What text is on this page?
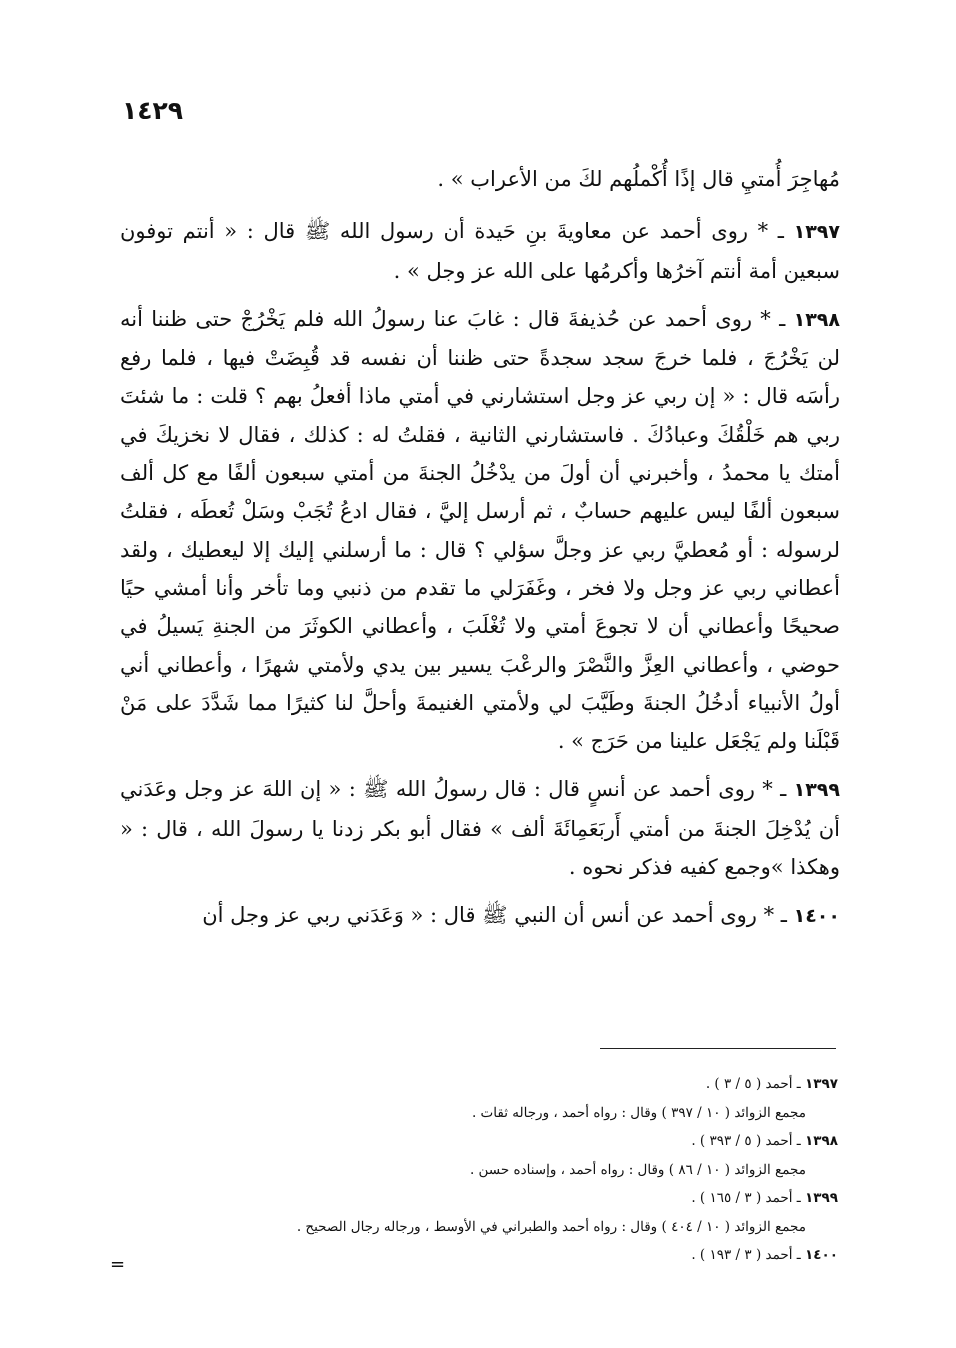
١٤٢٩

مُهاجِرَ أُمتيِ قال إذًا أُكْملُهم لكَ من الأعراب » .

١٣٩٧ ـ * روى أحمد عن معاويةَ بنِ حَيدة أن رسول الله ﷺ قال : « أنتم توفون سبعين أمة أنتم آخرُها وأكرمُها على الله عز وجل » .

١٣٩٨ ـ * روى أحمد عن حُذيفةَ قال : غابَ عنا رسولُ الله فلم يَخْرُجْ حتى ظننا أنه لن يَخْرُجَ ، فلما خرجَ سجد سجدةً حتى ظننا أن نفسه قد قُبِضَتْ فيها ، فلما رفع رأسَه قال : « إن ربي عز وجل استشارني في أمتي ماذا أفعلُ بهم ؟ قلت : ما شئتَ ربي هم خَلْقُكَ وعبادُكَ . فاستشارني الثانية ، فقلتُ له : كذلك ، فقال لا نخزيكَ في أمتك يا محمدُ ، وأخبرني أن أولَ من يدْخُلُ الجنةَ من أمتي سبعون ألفًا مع كل ألف سبعون ألفًا ليس عليهم حسابٌ ، ثم أرسل إليَّ ، فقال ادعُ تُجَبْ وسَلْ تُعطَه ، فقلتُ لرسوله : أو مُعطيَّ ربي عز وجلَّ سؤلي ؟ قال : ما أرسلني إليك إلا ليعطيك ، ولقد أعطاني ربي عز وجل ولا فخر ، وغَفَرَلي ما تقدم من ذنبي وما تأخر وأنا أمشي حيًا صحيحًا وأعطاني أن لا تجوعَ أمتي ولا تُغْلَبَ ، وأعطاني الكوثَرَ من الجنةِ يَسيلُ في حوضي ، وأعطاني العِزَّ والنَّصْرَ والرعْبَ يسير بين يدي ولأمتي شهرًا ، وأعطاني أني أولُ الأنبياء أدخُلُ الجنةَ وطَيَّبَ لي ولأمتي الغنيمةَ وأحلَّ لنا كثيرًا مما شَدَّدَ على مَنْ قَبْلَنا ولم يَجْعَل علينا من حَرَج » .

١٣٩٩ ـ * روى أحمد عن أنسٍ قال : قال رسولُ الله ﷺ : « إن اللهَ عز وجل وعَدَني أن يُدْخِلَ الجنةَ من أمتي أَربَعَمِائَةَ ألف » فقال أبو بكر زدنا يا رسولَ الله ، قال : « وهكذا »وجمع كفيه فذكر نحوه .

١٤٠٠ ـ * روى أحمد عن أنس أن النبي ﷺ قال : « وَعَدَني ربي عز وجل أن

١٣٩٧ ـ أحمد ( ٥ / ٣ ) .
مجمع الزوائد ( ١٠ / ٣٩٧ ) وقال : رواه أحمد ، ورجاله ثقات .
١٣٩٨ ـ أحمد ( ٥ / ٣٩٣ ) .
مجمع الزوائد ( ١٠ / ٨٦ ) وقال : رواه أحمد ، وإسناده حسن .
١٣٩٩ ـ أحمد ( ٣ / ١٦٥ ) .
مجمع الزوائد ( ١٠ / ٤٠٤ ) وقال : رواه أحمد والطبراني في الأوسط ، ورجاله رجال الصحيح .
١٤٠٠ ـ أحمد ( ٣ / ١٩٣ ) .
=
